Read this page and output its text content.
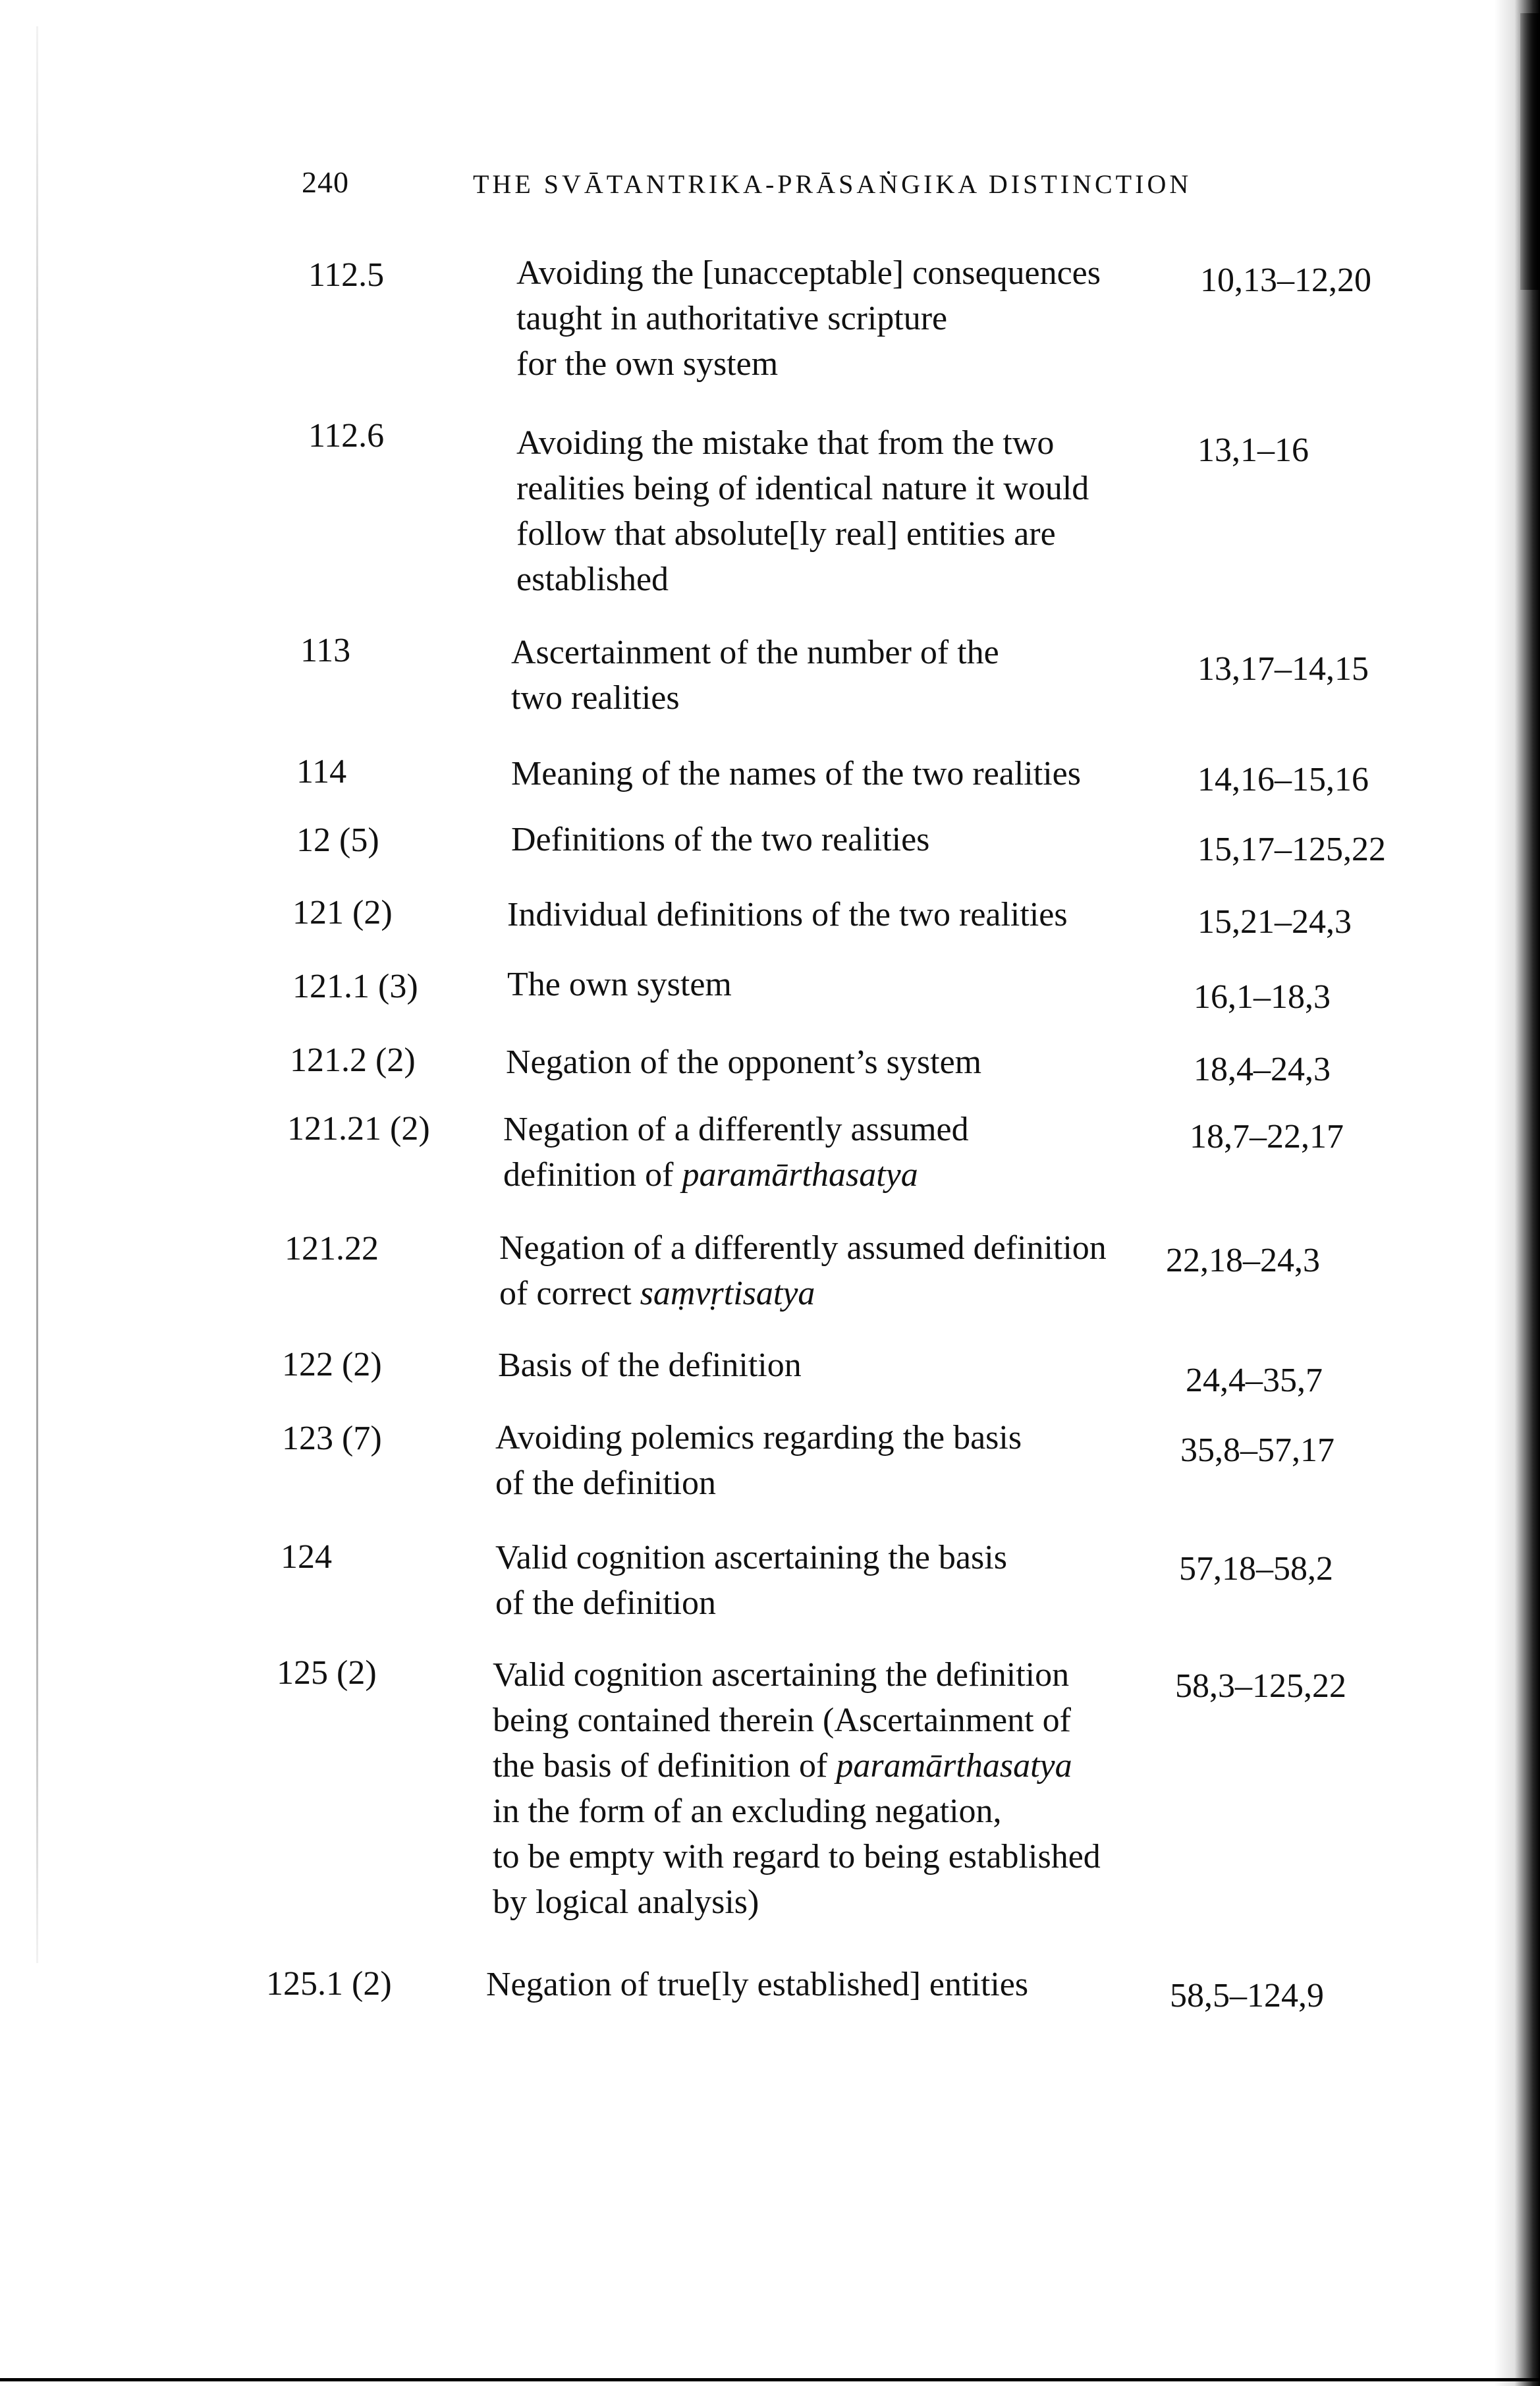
240	THE SVĀTANTRIKA-PRĀSAṄGIKA DISTINCTION
112.5	Avoiding the [unacceptable] consequences
taught in authoritative scripture
for the own system
10,13–12,20
112.6	Avoiding the mistake that from the two
realities being of identical nature it would
follow that absolute[ly real] entities are
established
13,1–16
113	Ascertainment of the number of the
two realities
13,17–14,15
114	Meaning of the names of the two realities	14,16–15,16
12 (5)	Definitions of the two realities	15,17–125,22
121 (2)	Individual definitions of the two realities	15,21–24,3
121.1 (3)	The own system	16,1–18,3
121.2 (2)	Negation of the opponent’s system	18,4–24,3
121.21 (2) Negation of a differently assumed
definition of paramārthasatya
18,7–22,17
121.22	Negation of a differently assumed definition
of correct saṃvṛtisatya
22,18–24,3
122 (2)	Basis of the definition	24,4–35,7
123 (7)	Avoiding polemics regarding the basis
of the definition
35,8–57,17
124	Valid cognition ascertaining the basis
of the definition
57,18–58,2
125 (2)	Valid cognition ascertaining the definition
being contained therein (Ascertainment of
the basis of definition of paramārthasatya
in the form of an excluding negation,
to be empty with regard to being established
by logical analysis)
58,3–125,22
125.1 (2)	Negation of true[ly established] entities	58,5–124,9
